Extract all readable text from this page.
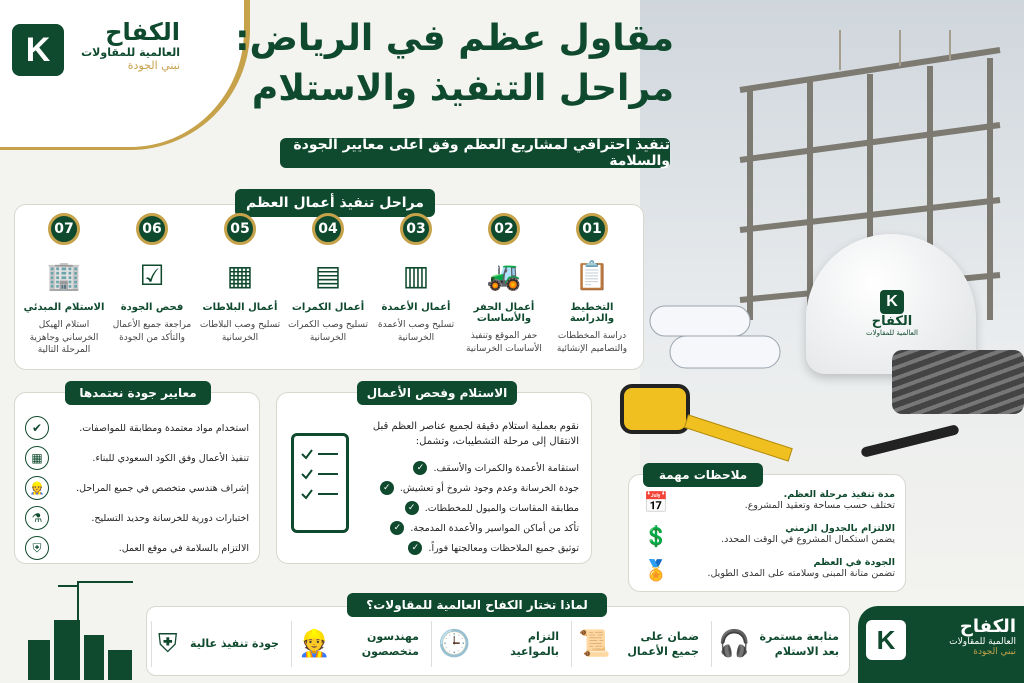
K
الكفاح
العالمية للمقاولات
K	الكفاح
العالمية للمقاولات
نبني الجودة
مقاول عظم في الرياض:
مراحل التنفيذ والاستلام
تنفيذ احترافي لمشاريع العظم وفق أعلى معايير الجودة والسلامة
مراحل تنفيذ أعمال العظم
01
📋
التخطيط والدراسة
دراسة المخططات والتصاميم الإنشائية
02
🚜
أعمال الحفر والأساسات
حفر الموقع وتنفيذ الأساسات الخرسانية
03
▥
أعمال الأعمدة
تسليح وصب الأعمدة الخرسانية
04
▤
أعمال الكمرات
تسليح وصب الكمرات الخرسانية
05
▦
أعمال البلاطات
تسليح وصب البلاطات الخرسانية
06
☑
فحص الجودة
مراجعة جميع الأعمال والتأكد من الجودة
07
🏢
الاستلام المبدئي
استلام الهيكل الخرساني وجاهزية المرحلة التالية
معايير جودة نعتمدها
استخدام مواد معتمدة ومطابقة للمواصفات.
✔
تنفيذ الأعمال وفق الكود السعودي للبناء.
▦
إشراف هندسي متخصص في جميع المراحل.
👷
اختبارات دورية للخرسانة وحديد التسليح.
⚗
الالتزام بالسلامة في موقع العمل.
⛨
الاستلام وفحص الأعمال
نقوم بعملية استلام دقيقة لجميع عناصر العظم قبل الانتقال إلى مرحلة التشطيبات، وتشمل:
استقامة الأعمدة والكمرات والأسقف.
✓
جودة الخرسانة وعدم وجود شروخ أو تعشيش.
✓
مطابقة المقاسات والميول للمخططات.
✓
تأكد من أماكن المواسير والأعمدة المدمجة.
✓
توثيق جميع الملاحظات ومعالجتها فوراً.
✓
ملاحظات مهمة
مدة تنفيذ مرحلة العظم.
تختلف حسب مساحة وتعقيد المشروع.
📅
الالتزام بالجدول الزمني
يضمن استكمال المشروع في الوقت المحدد.
💲
الجودة في العظم
تضمن متانة المبنى وسلامته على المدى الطويل.
🏅
لماذا تختار الكفاح العالمية للمقاولات؟
متابعة مستمرة بعد الاستلام
🎧
ضمان على جميع الأعمال
📜
التزام بالمواعيد
🕒
مهندسون متخصصون
👷
جودة تنفيذ عالية
⛨	K	الكفاح
العالمية للمقاولات
نبني الجودة
